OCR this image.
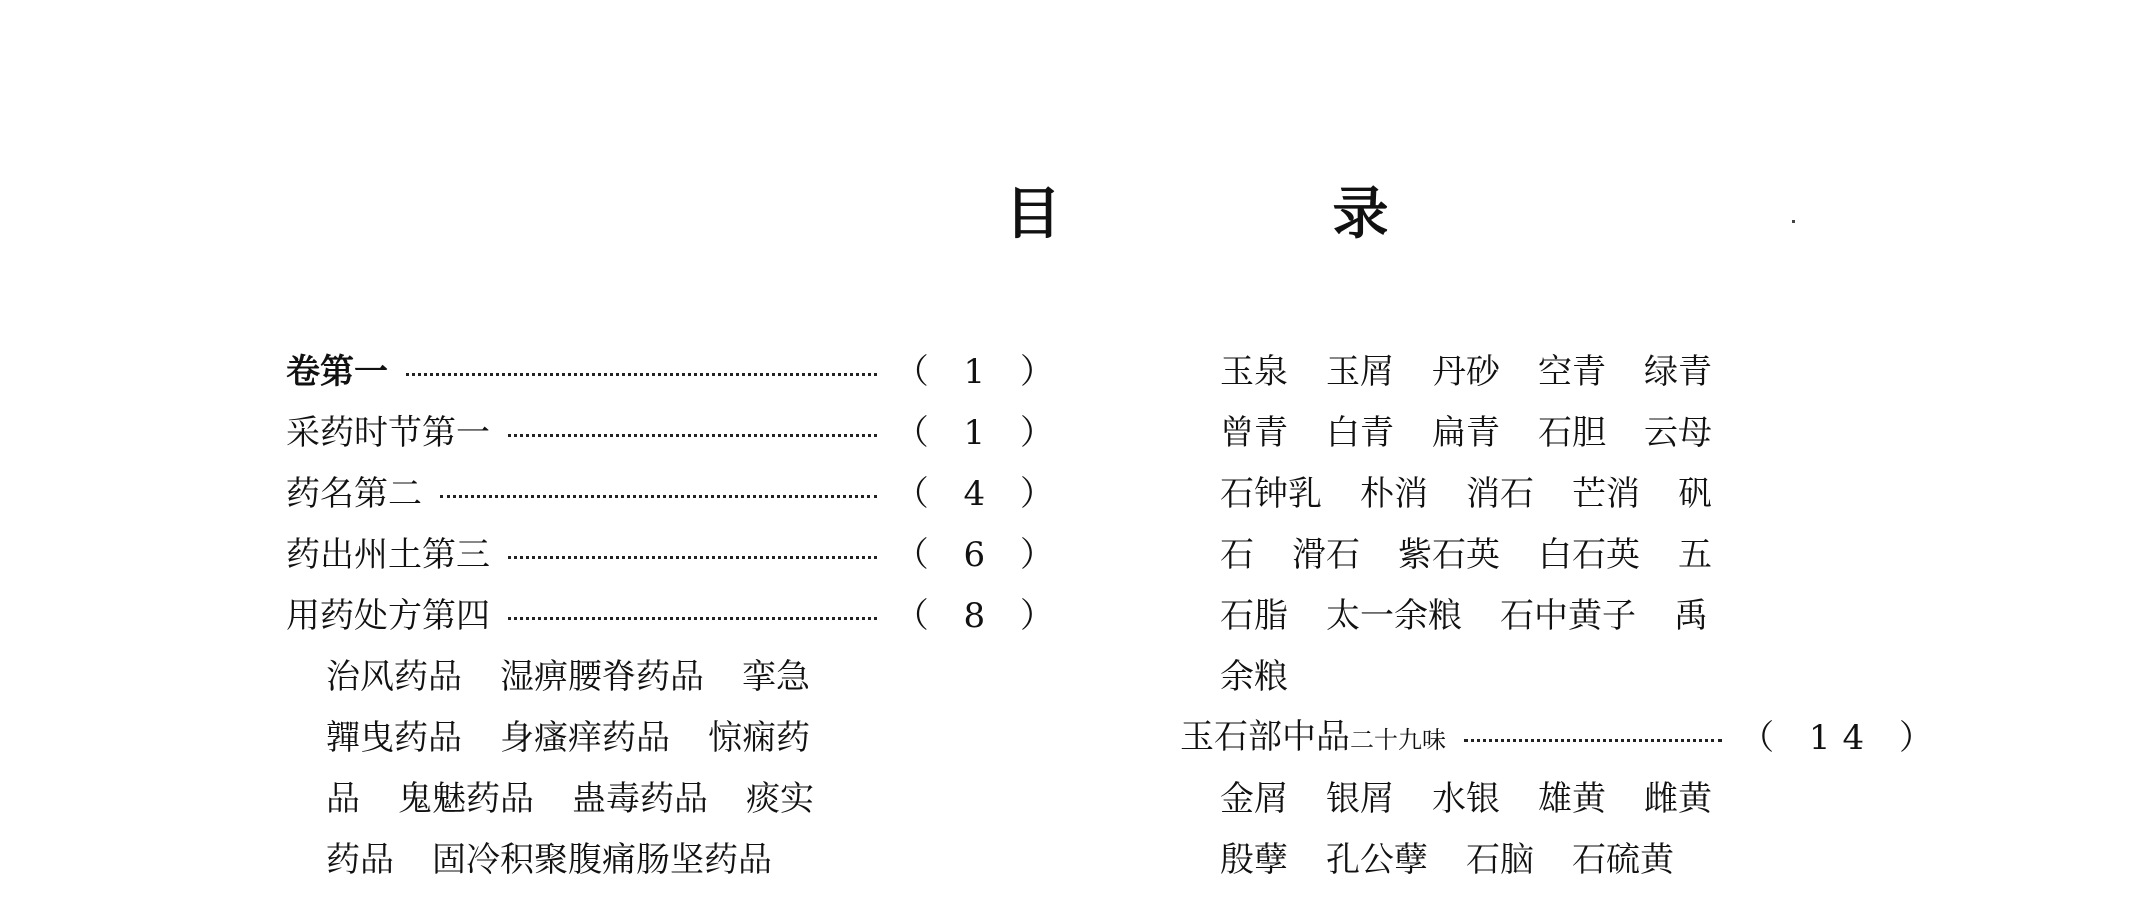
目 录
卷第一	（ 1 ）
采药时节第一	（ 1 ）
药名第二	（ 4 ）
药出州土第三	（ 6 ）
用药处方第四	（ 8 ）
治风药品 湿痹腰脊药品 挛急
嚲曳药品 身瘙痒药品 惊痫药
品 鬼魅药品 蛊毒药品 痰实
药品 固冷积聚腹痛肠坚药品
玉泉 玉屑 丹砂 空青 绿青
曾青 白青 扁青 石胆 云母
石钟乳 朴消 消石 芒消 矾
石 滑石 紫石英 白石英 五
石脂 太一余粮 石中黄子 禹
余粮
玉石部中品二十九味	（ 14 ）
金屑 银屑 水银 雄黄 雌黄
殷孽 孔公孽 石脑 石硫黄
